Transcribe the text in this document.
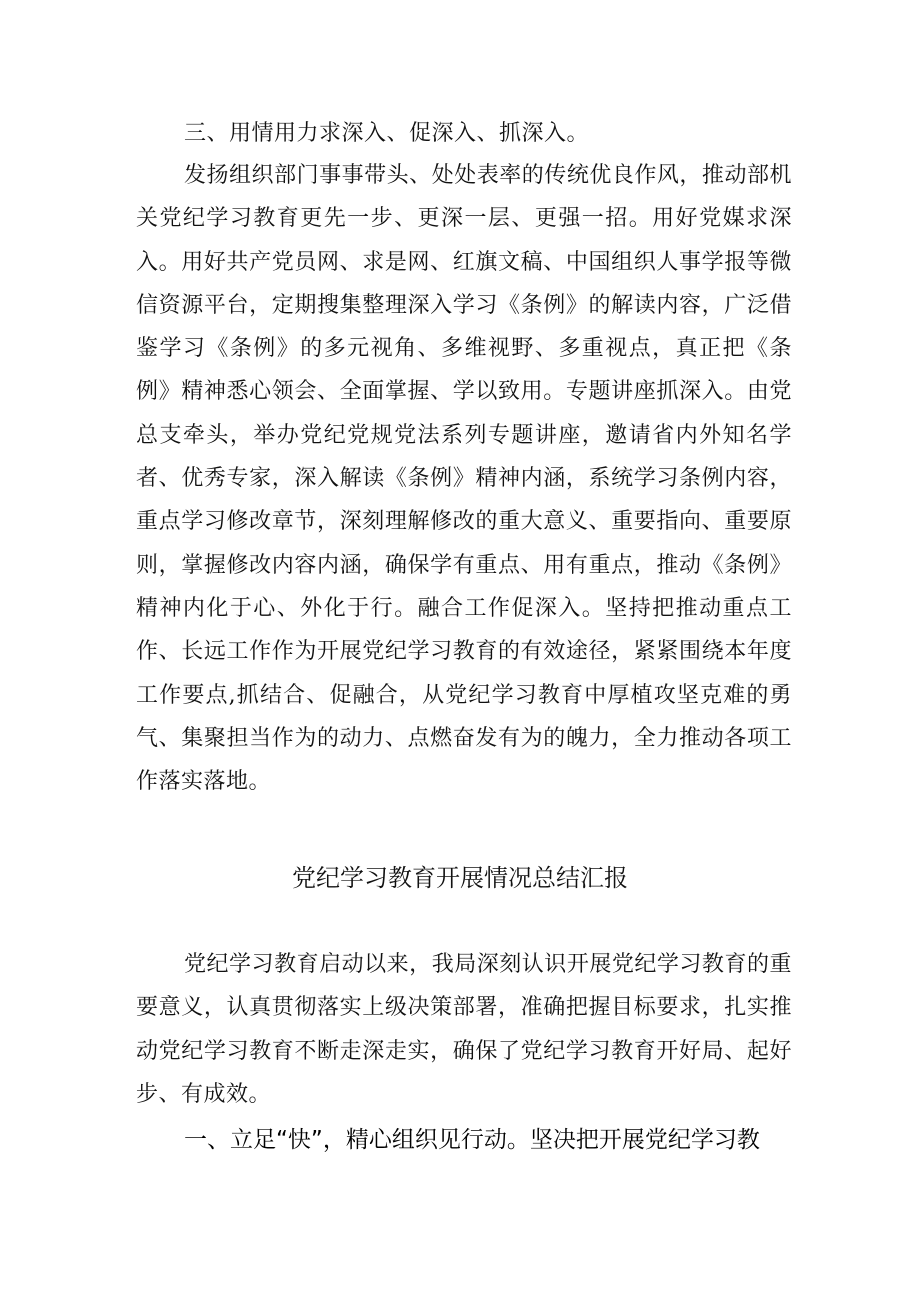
三、用情用力求深入、促深入、抓深入。

发扬组织部门事事带头、处处表率的传统优良作风，推动部机关党纪学习教育更先一步、更深一层、更强一招。用好党媒求深入。用好共产党员网、求是网、红旗文稿、中国组织人事学报等微信资源平台，定期搜集整理深入学习《条例》的解读内容，广泛借鉴学习《条例》的多元视角、多维视野、多重视点，真正把《条例》精神悉心领会、全面掌握、学以致用。专题讲座抓深入。由党总支牵头，举办党纪党规党法系列专题讲座，邀请省内外知名学者、优秀专家，深入解读《条例》精神内涵，系统学习条例内容，重点学习修改章节，深刻理解修改的重大意义、重要指向、重要原则，掌握修改内容内涵，确保学有重点、用有重点，推动《条例》精神内化于心、外化于行。融合工作促深入。坚持把推动重点工作、长远工作作为开展党纪学习教育的有效途径，紧紧围绕本年度工作要点,抓结合、促融合，从党纪学习教育中厚植攻坚克难的勇气、集聚担当作为的动力、点燃奋发有为的魄力，全力推动各项工作落实落地。

党纪学习教育开展情况总结汇报

党纪学习教育启动以来，我局深刻认识开展党纪学习教育的重要意义，认真贯彻落实上级决策部署，准确把握目标要求，扎实推动党纪学习教育不断走深走实，确保了党纪学习教育开好局、起好步、有成效。

一、立足“快”，精心组织见行动。坚决把开展党纪学习教
